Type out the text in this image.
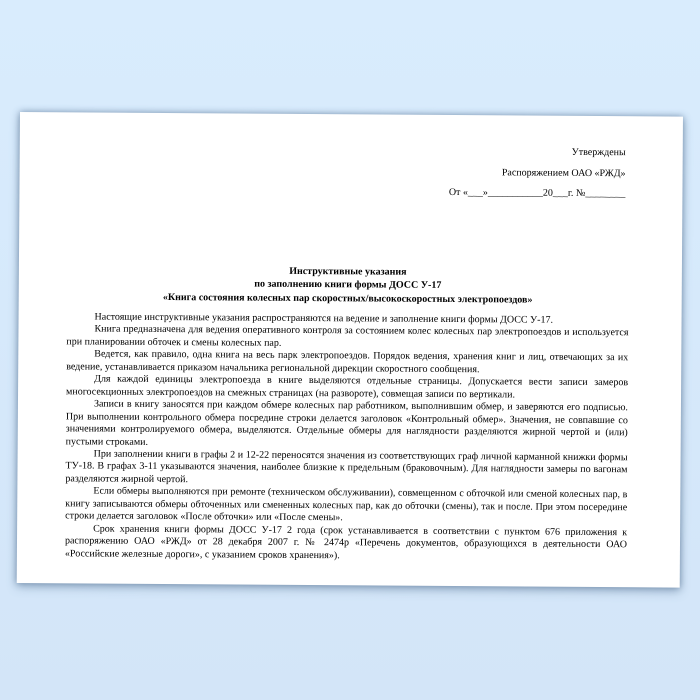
Утверждены
Распоряжением ОАО «РЖД»
От «___»___________20___г. №________
Инструктивные указания
по заполнению книги формы ДОСС У-17
«Книга состояния колесных пар скоростных/высокоскоростных электропоездов»

Настоящие инструктивные указания распространяются на ведение и заполнение книги формы ДОСС У-17.

Книга предназначена для ведения оперативного контроля за состоянием колес колесных пар электропоездов и используется при планировании обточек и смены колесных пар.

Ведется, как правило, одна книга на весь парк электропоездов. Порядок ведения, хранения книг и лиц, отвечающих за их ведение, устанавливается приказом начальника региональной дирекции скоростного сообщения.

Для каждой единицы электропоезда в книге выделяются отдельные страницы. Допускается вести записи замеров многосекционных электропоездов на смежных страницах (на развороте), совмещая записи по вертикали.

Записи в книгу заносятся при каждом обмере колесных пар работником, выполнившим обмер, и заверяются его подписью. При выполнении контрольного обмера посредине строки делается заголовок «Контрольный обмер». Значения, не совпавшие со значениями контролируемого обмера, выделяются. Отдельные обмеры для наглядности разделяются жирной чертой и (или) пустыми строками.

При заполнении книги в графы 2 и 12-22 переносятся значения из соответствующих граф личной карманной книжки формы ТУ-18. В графах 3-11 указываются значения, наиболее близкие к предельным (браковочным). Для наглядности замеры по вагонам разделяются жирной чертой.

Если обмеры выполняются при ремонте (техническом обслуживании), совмещенном с обточкой или сменой колесных пар, в книгу записываются обмеры обточенных или смененных колесных пар, как до обточки (смены), так и после. При этом посередине строки делается заголовок «После обточки» или «После смены».

Срок хранения книги формы ДОСС У-17 2 года (срок устанавливается в соответствии с пунктом 676 приложения к распоряжению ОАО «РЖД» от 28 декабря 2007 г. № 2474р «Перечень документов, образующихся в деятельности ОАО «Российские железные дороги», с указанием сроков хранения»).
